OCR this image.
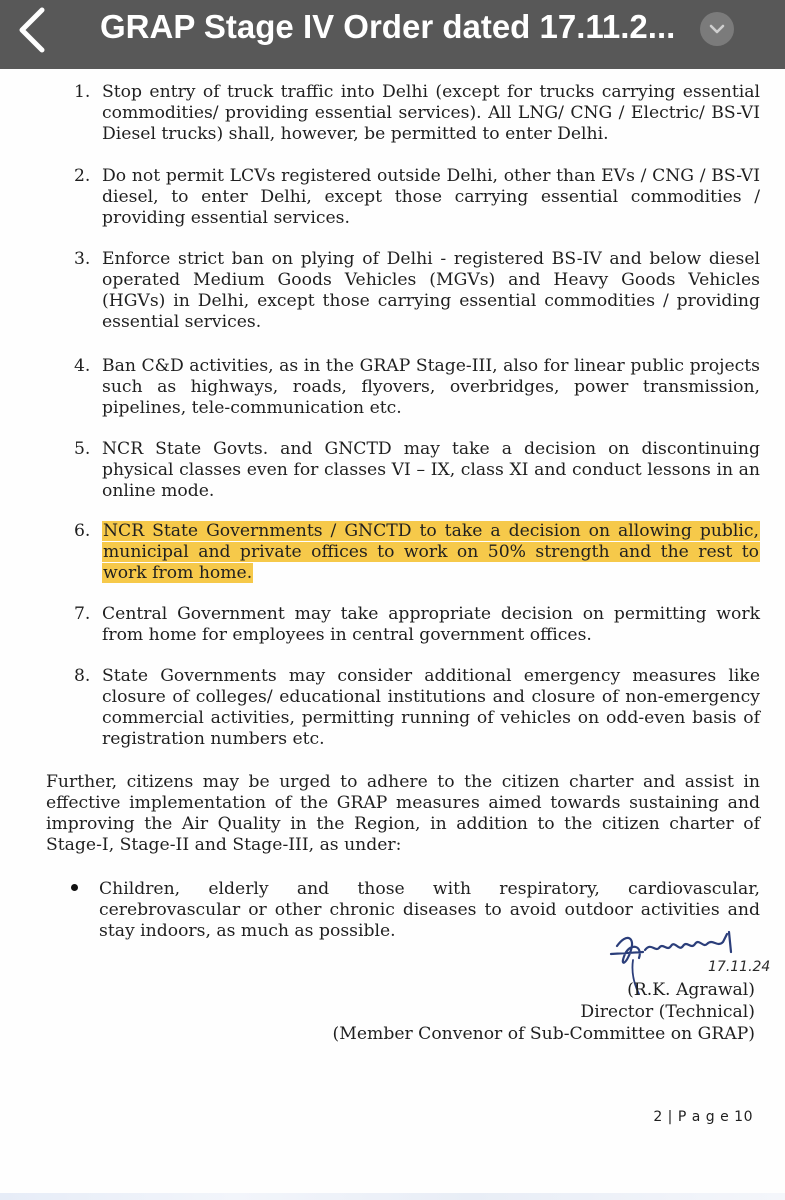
GRAP Stage IV Order dated 17.11.2...
1. Stop entry of truck traffic into Delhi (except for trucks carrying essential commodities/ providing essential services). All LNG/ CNG / Electric/ BS-VI Diesel trucks) shall, however, be permitted to enter Delhi.
2. Do not permit LCVs registered outside Delhi, other than EVs / CNG / BS-VI diesel, to enter Delhi, except those carrying essential commodities / providing essential services.
3. Enforce strict ban on plying of Delhi - registered BS-IV and below diesel operated Medium Goods Vehicles (MGVs) and Heavy Goods Vehicles (HGVs) in Delhi, except those carrying essential commodities / providing essential services.
4. Ban C&D activities, as in the GRAP Stage-III, also for linear public projects such as highways, roads, flyovers, overbridges, power transmission, pipelines, tele-communication etc.
5. NCR State Govts. and GNCTD may take a decision on discontinuing physical classes even for classes VI – IX, class XI and conduct lessons in an online mode.
6. NCR State Governments / GNCTD to take a decision on allowing public, municipal and private offices to work on 50% strength and the rest to work from home.
7. Central Government may take appropriate decision on permitting work from home for employees in central government offices.
8. State Governments may consider additional emergency measures like closure of colleges/ educational institutions and closure of non-emergency commercial activities, permitting running of vehicles on odd-even basis of registration numbers etc.
Further, citizens may be urged to adhere to the citizen charter and assist in effective implementation of the GRAP measures aimed towards sustaining and improving the Air Quality in the Region, in addition to the citizen charter of Stage-I, Stage-II and Stage-III, as under:
Children, elderly and those with respiratory, cardiovascular, cerebrovascular or other chronic diseases to avoid outdoor activities and stay indoors, as much as possible.
17.11.24
(R.K. Agrawal)
Director (Technical)
(Member Convenor of Sub-Committee on GRAP)
2 | P a g e 10
